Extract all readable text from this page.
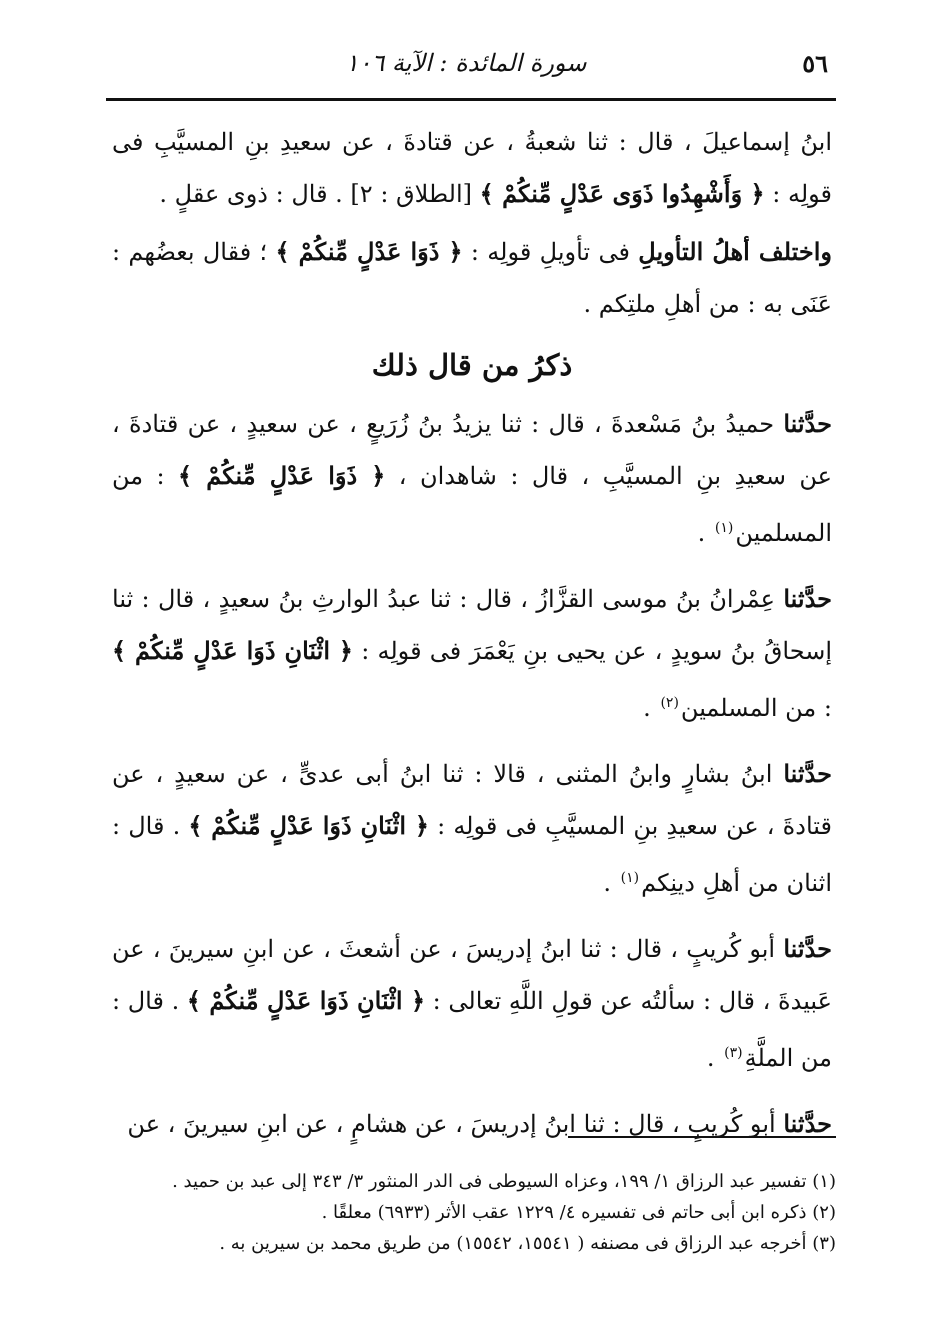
٥٦
سورة المائدة : الآية ١٠٦

ابنُ إسماعيلَ ، قال : ثنا شعبةُ ، عن قتادةَ ، عن سعيدِ بنِ المسيَّبِ فى قولِه : ﴿ وَأَشْهِدُوا ذَوَى عَدْلٍ مِّنكُمْ ﴾ [الطلاق : ٢] . قال : ذوى عقلٍ .

واختلف أهلُ التأويلِ فى تأويلِ قولِه : ﴿ ذَوَا عَدْلٍ مِّنكُمْ ﴾ ؛ فقال بعضُهم : عَنَى به : من أهلِ ملتِكم .

ذكرُ من قال ذلك

حدَّثنا حميدُ بنُ مَسْعدةَ ، قال : ثنا يزيدُ بنُ زُرَيعٍ ، عن سعيدٍ ، عن قتادةَ ، عن سعيدِ بنِ المسيَّبِ ، قال : شاهدان ، ﴿ ذَوَا عَدْلٍ مِّنكُمْ ﴾ : من المسلمين$^{(١)}$ .

حدَّثنا عِمْرانُ بنُ موسى القزَّازُ ، قال : ثنا عبدُ الوارثِ بنُ سعيدٍ ، قال : ثنا إسحاقُ بنُ سويدٍ ، عن يحيى بنِ يَعْمَرَ فى قولِه : ﴿ اثْنَانِ ذَوَا عَدْلٍ مِّنكُمْ ﴾ : من المسلمين$^{(٢)}$ .

حدَّثنا ابنُ بشارٍ وابنُ المثنى ، قالا : ثنا ابنُ أبى عدىٍّ ، عن سعيدٍ ، عن قتادةَ ، عن سعيدِ بنِ المسيَّبِ فى قولِه : ﴿ اثْنَانِ ذَوَا عَدْلٍ مِّنكُمْ ﴾ . قال : اثنان من أهلِ دينِكم$^{(١)}$ .

حدَّثنا أبو كُريبٍ ، قال : ثنا ابنُ إدريسَ ، عن أشعثَ ، عن ابنِ سيرينَ ، عن عَبيدةَ ، قال : سألتُه عن قولِ اللَّهِ تعالى : ﴿ اثْنَانِ ذَوَا عَدْلٍ مِّنكُمْ ﴾ . قال : من الملَّةِ$^{(٣)}$ .

حدَّثنا أبو كُريبٍ ، قال : ثنا ابنُ إدريسَ ، عن هشامٍ ، عن ابنِ سيرينَ ، عن

(١) تفسير عبد الرزاق ١/ ١٩٩، وعزاه السيوطى فى الدر المنثور ٣/ ٣٤٣ إلى عبد بن حميد .
(٢) ذكره ابن أبى حاتم فى تفسيره ٤/ ١٢٢٩ عقب الأثر (٦٩٣٣) معلقًا .
(٣) أخرجه عبد الرزاق فى مصنفه ( ١٥٥٤١، ١٥٥٤٢) من طريق محمد بن سيرين به .
